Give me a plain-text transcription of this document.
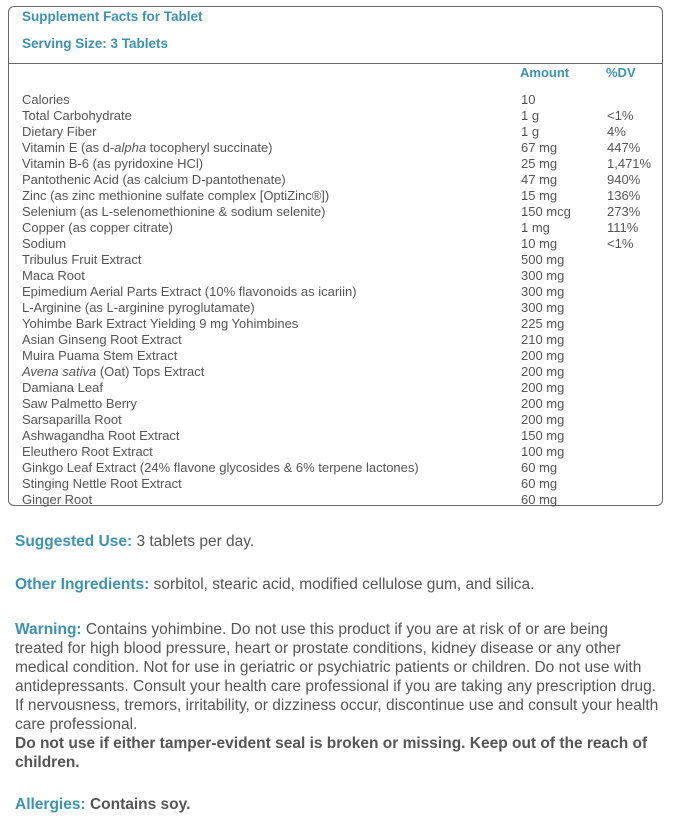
Supplement Facts for Tablet
Serving Size: 3 Tablets
Amount	%DV
Calories	10
Total Carbohydrate	1 g	<1%
Dietary Fiber	1 g	4%
Vitamin E (as d-alpha tocopheryl succinate)	67 mg	447%
Vitamin B-6 (as pyridoxine HCl)	25 mg	1,471%
Pantothenic Acid (as calcium D-pantothenate)	47 mg	940%
Zinc (as zinc methionine sulfate complex [OptiZinc®])	15 mg	136%
Selenium (as L-selenomethionine & sodium selenite)	150 mcg	273%
Copper (as copper citrate)	1 mg	111%
Sodium	10 mg	<1%
Tribulus Fruit Extract	500 mg
Maca Root	300 mg
Epimedium Aerial Parts Extract (10% flavonoids as icariin)	300 mg
L-Arginine (as L-arginine pyroglutamate)	300 mg
Yohimbe Bark Extract Yielding 9 mg Yohimbines	225 mg
Asian Ginseng Root Extract	210 mg
Muira Puama Stem Extract	200 mg
Avena sativa (Oat) Tops Extract	200 mg
Damiana Leaf	200 mg
Saw Palmetto Berry	200 mg
Sarsaparilla Root	200 mg
Ashwagandha Root Extract	150 mg
Eleuthero Root Extract	100 mg
Ginkgo Leaf Extract (24% flavone glycosides & 6% terpene lactones)	60 mg
Stinging Nettle Root Extract	60 mg
Ginger Root	60 mg
Suggested Use: 3 tablets per day.
Other Ingredients: sorbitol, stearic acid, modified cellulose gum, and silica.
Warning: Contains yohimbine. Do not use this product if you are at risk of or are being treated for high blood pressure, heart or prostate conditions, kidney disease or any other medical condition. Not for use in geriatric or psychiatric patients or children. Do not use with antidepressants. Consult your health care professional if you are taking any prescription drug. If nervousness, tremors, irritability, or dizziness occur, discontinue use and consult your health care professional.
Do not use if either tamper-evident seal is broken or missing. Keep out of the reach of children.
Allergies: Contains soy.
